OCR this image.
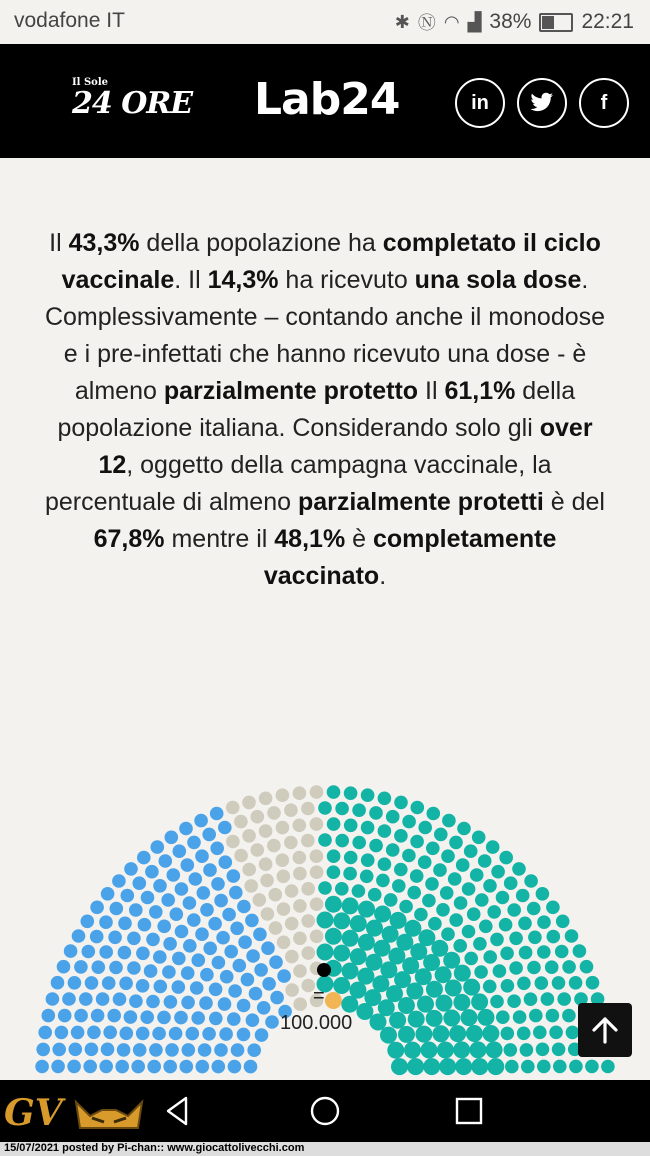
vodafone IT	✱ Ⓝ ◠ ▟ 38% 22:21
Il Sole
24 ORE Lab24	in	f
Il 43,3% della popolazione ha completato il ciclo vaccinale. Il 14,3% ha ricevuto una sola dose. Complessivamente – contando anche il monodose e i pre-infettati che hanno ricevuto una dose - è almeno parzialmente protetto Il 61,1% della popolazione italiana. Considerando solo gli over 12, oggetto della campagna vaccinale, la percentuale di almeno parzialmente protetti è del 67,8% mentre il 48,1% è completamente vaccinato.
=
100.000
GV
15/07/2021 posted by Pi-chan:: www.giocattolivecchi.com
